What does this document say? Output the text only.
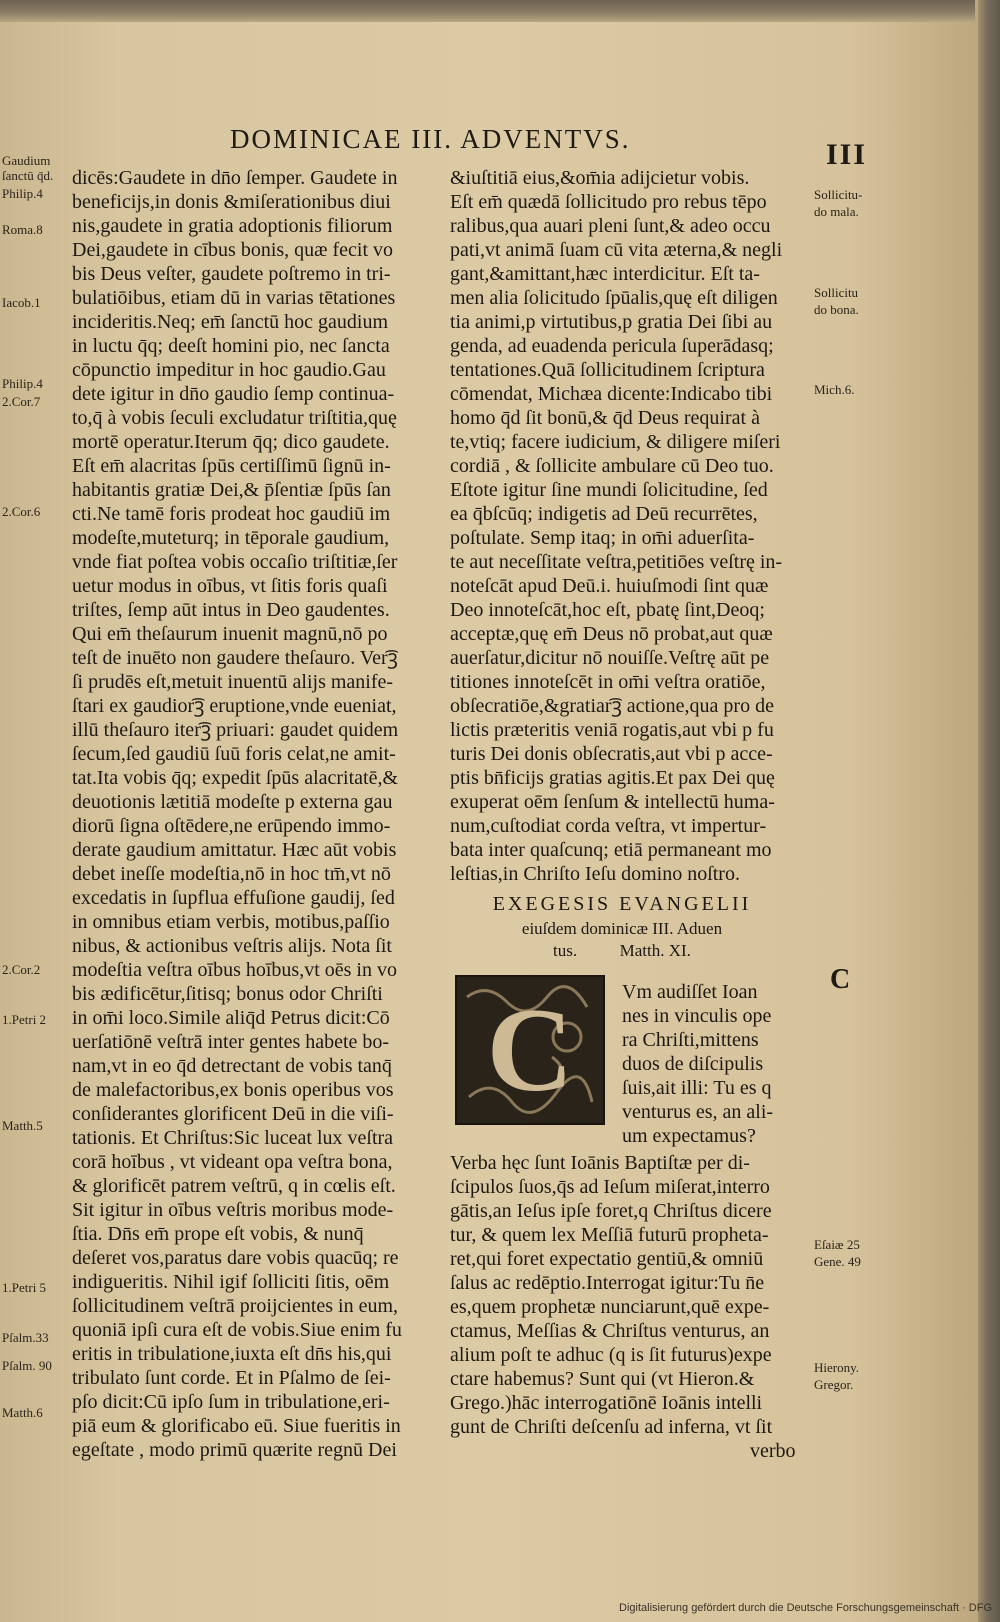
DOMINICAE III. ADVENTVS.	III
Gaudium
ſanctū q̄d.
Philip.4
Roma.8
Iacob.1
Philip.4
2.Cor.7
2.Cor.6
2.Cor.2
1.Petri 2
Matth.5
1.Petri 5
Pſalm.33
Pſalm. 90
Matth.6
Sollicitu-
do mala.
Sollicitu
do bona.
Mich.6.
Eſaiæ 25
Gene. 49
Hierony.
Gregor.
dicēs:Gaudete in dn̄o ſemper. Gaudete in
beneficijs,in donis &miſerationibus diui
nis,gaudete in gratia adoptionis filiorum
Dei,gaudete in cībus bonis, quæ fecit vo
bis Deus veſter, gaudete poſtremo in tri-
bulatiōibus, etiam dū in varias tētationes
incideritis.Neq; em̄ ſanctū hoc gaudium
in luctu q̄q; deeſt homini pio, nec ſancta
cōpunctio impeditur in hoc gaudio.Gau
dete igitur in dn̄o gaudio ſemp continua-
to,q̄ à vobis ſeculi excludatur triſtitia,quę
mortē operatur.Iterum q̄q; dico gaudete.
Eſt em̄ alacritas ſpūs certiſſimū ſignū in-
habitantis gratiæ Dei,& p̄ſentiæ ſpūs ſan
cti.Ne tamē foris prodeat hoc gaudiū im
modeſte,muteturq; in tēporale gaudium,
vnde fiat poſtea vobis occaſio triſtitiæ,ſer
uetur modus in oībus, vt ſitis foris quaſi
triſtes, ſemp aūt intus in Deo gaudentes.
Qui em̄ theſaurum inuenit magnū,nō po
teſt de inuēto non gaudere theſauro. Ver͡ꝫ
ſi prudēs eſt,metuit inuentū alijs manife-
ſtari ex gaudior͡ꝫ eruptione,vnde eueniat,
illū theſauro iter͡ꝫ priuari: gaudet quidem
ſecum,ſed gaudiū ſuū foris celat,ne amit-
tat.Ita vobis q̄q; expedit ſpūs alacritatē,&
deuotionis lætitiā modeſte p externa gau
diorū ſigna oſtēdere,ne erūpendo immo-
derate gaudium amittatur. Hæc aūt vobis
debet ineſſe modeſtia,nō in hoc tm̄,vt nō
excedatis in ſupflua effuſione gaudij, ſed
in omnibus etiam verbis, motibus,paſſio
nibus, & actionibus veſtris alijs. Nota ſit
modeſtia veſtra oībus hoībus,vt oēs in vo
bis ædificētur,ſitisq; bonus odor Chriſti
in om̄i loco.Simile aliq̄d Petrus dicit:Cō
uerſatiōnē veſtrā inter gentes habete bo-
nam,vt in eo q̄d detrectant de vobis tanq̄
de malefactoribus,ex bonis operibus vos
conſiderantes glorificent Deū in die viſi-
tationis. Et Chriſtus:Sic luceat lux veſtra
corā hoībus , vt videant opa veſtra bona,
& glorificēt patrem veſtrū, q in cœlis eſt.
Sit igitur in oībus veſtris moribus mode-
ſtia. Dn̄s em̄ prope eſt vobis, & nunq̄
deſeret vos,paratus dare vobis quacūq; re
indigueritis. Nihil igif ſolliciti ſitis, oēm
ſollicitudinem veſtrā proijcientes in eum,
quoniā ipſi cura eſt de vobis.Siue enim fu
eritis in tribulatione,iuxta eſt dn̄s his,qui
tribulato ſunt corde. Et in Pſalmo de ſei-
pſo dicit:Cū ipſo ſum in tribulatione,eri-
piā eum & glorificabo eū. Siue fueritis in
egeſtate , modo primū quærite regnū Dei
&iuſtitiā eius,&om̄ia adijcietur vobis.
Eſt em̄ quædā ſollicitudo pro rebus tēpo
ralibus,qua auari pleni ſunt,& adeo occu
pati,vt animā ſuam cū vita æterna,& negli
gant,&amittant,hæc interdicitur. Eſt ta-
men alia ſolicitudo ſpūalis,quę eſt diligen
tia animi,p virtutibus,p gratia Dei ſibi au
genda, ad euadenda pericula ſuperādasq;
tentationes.Quā ſollicitudinem ſcriptura
cōmendat, Michæa dicente:Indicabo tibi
homo q̄d ſit bonū,& q̄d Deus requirat à
te,vtiq; facere iudicium, & diligere miſeri
cordiā , & ſollicite ambulare cū Deo tuo.
Eſtote igitur ſine mundi ſolicitudine, ſed
ea q̄bſcūq; indigetis ad Deū recurrētes,
poſtulate. Semp itaq; in om̄i aduerſita-
te aut neceſſitate veſtra,petitiōes veſtrę in-
noteſcāt apud Deū.i. huiuſmodi ſint quæ
Deo innoteſcāt,hoc eſt, pbatę ſint,Deoq;
acceptæ,quę em̄ Deus nō probat,aut quæ
auerſatur,dicitur nō nouiſſe.Veſtrę aūt pe
titiones innoteſcēt in om̄i veſtra oratiōe,
obſecratiōe,&gratiar͡ꝫ actione,qua pro de
lictis præteritis veniā rogatis,aut vbi p fu
turis Dei donis obſecratis,aut vbi p acce-
ptis bn̄ficijs gratias agitis.Et pax Dei quę
exuperat oēm ſenſum & intellectū huma-
num,cuſtodiat corda veſtra, vt impertur-
bata inter quaſcunq; etiā permaneant mo
leſtias,in Chriſto Ieſu domino noſtro.
EXEGESIS EVANGELII
eiuſdem dominicæ III. Aduen
tus.          Matth. XI.
C
C
Vm audiſſet Ioan
nes in vinculis ope
ra Chriſti,mittens
duos de diſcipulis
ſuis,ait illi: Tu es q
venturus es, an ali-
um expectamus?
Verba hęc ſunt Ioānis Baptiſtæ per di-
ſcipulos ſuos,q̄s ad Ieſum miſerat,interro
gātis,an Ieſus ipſe foret,q Chriſtus dicere
tur, & quem lex Meſſiā futurū propheta-
ret,qui foret expectatio gentiū,& omniū
ſalus ac redēptio.Interrogat igitur:Tu n̄e
es,quem prophetæ nunciarunt,quē expe-
ctamus, Meſſias & Chriſtus venturus, an
alium poſt te adhuc (q is ſit futurus)expe
ctare habemus? Sunt qui (vt Hieron.&
Grego.)hāc interrogatiōnē Ioānis intelli
gunt de Chriſti deſcenſu ad inferna, vt ſit
verbo
Digitalisierung gefördert durch die Deutsche Forschungsgemeinschaft · DFG
